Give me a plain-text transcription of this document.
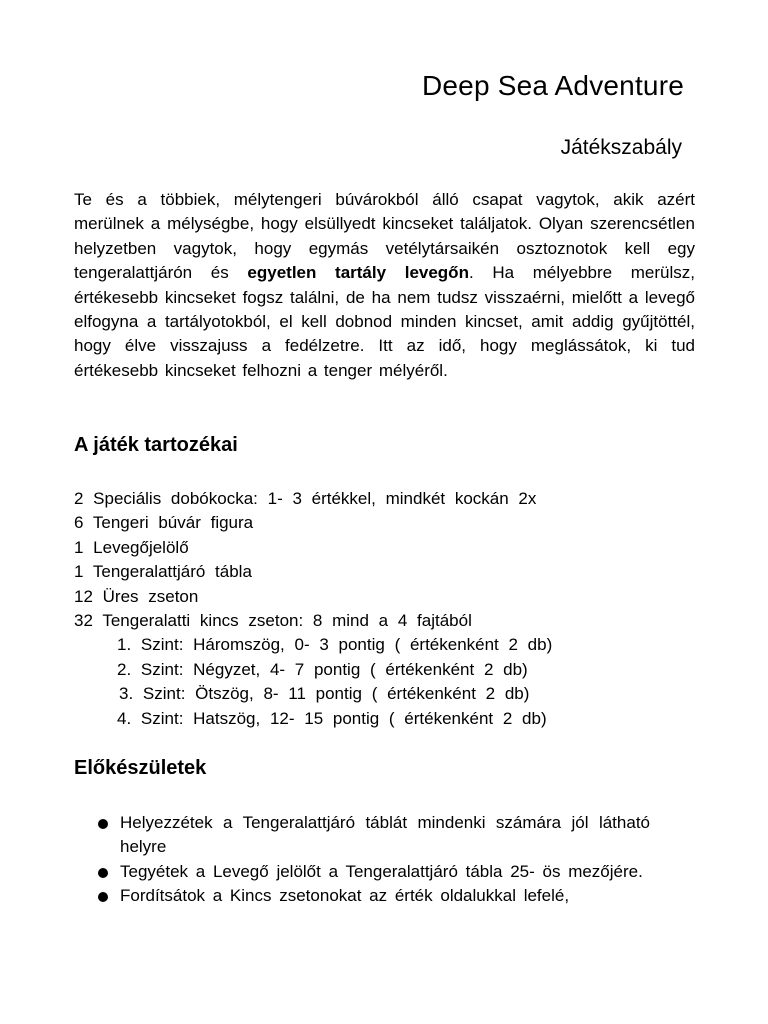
Deep Sea Adventure
Játékszabály

Te és a többiek, mélytengeri búvárokból álló csapat vagytok, akik azért merülnek a mélységbe, hogy elsüllyedt kincseket találjatok. Olyan szerencsétlen helyzetben vagytok, hogy egymás vetélytársaikén osztoznotok kell egy tengeralattjárón és egyetlen tartály levegőn. Ha mélyebbre merülsz, értékesebb kincseket fogsz találni, de ha nem tudsz visszaérni, mielőtt a levegő elfogyna a tartályotokból, el kell dobnod minden kincset, amit addig gyűjtöttél, hogy élve visszajuss a fedélzetre. Itt az idő, hogy meglássátok, ki tud értékesebb kincseket felhozni a tenger mélyéről.

A játék tartozékai
2 Speciális dobókocka: 1- 3 értékkel, mindkét kockán 2x
6 Tengeri búvár figura
1 Levegőjelölő
1 Tengeralattjáró tábla
12 Üres zseton
32 Tengeralatti kincs zseton: 8 mind a 4 fajtából
1. Szint: Háromszög, 0- 3 pontig ( értékenként 2 db)
2. Szint: Négyzet, 4- 7 pontig ( értékenként 2 db)
3. Szint: Ötszög, 8- 11 pontig ( értékenként 2 db)
4. Szint: Hatszög, 12- 15 pontig ( értékenként 2 db)
Előkészületek
Helyezzétek a Tengeralattjáró táblát mindenki számára jól látható helyre
Tegyétek a Levegő jelölőt a Tengeralattjáró tábla 25- ös mezőjére.
Fordítsátok a Kincs zsetonokat az érték oldalukkal lefelé,
